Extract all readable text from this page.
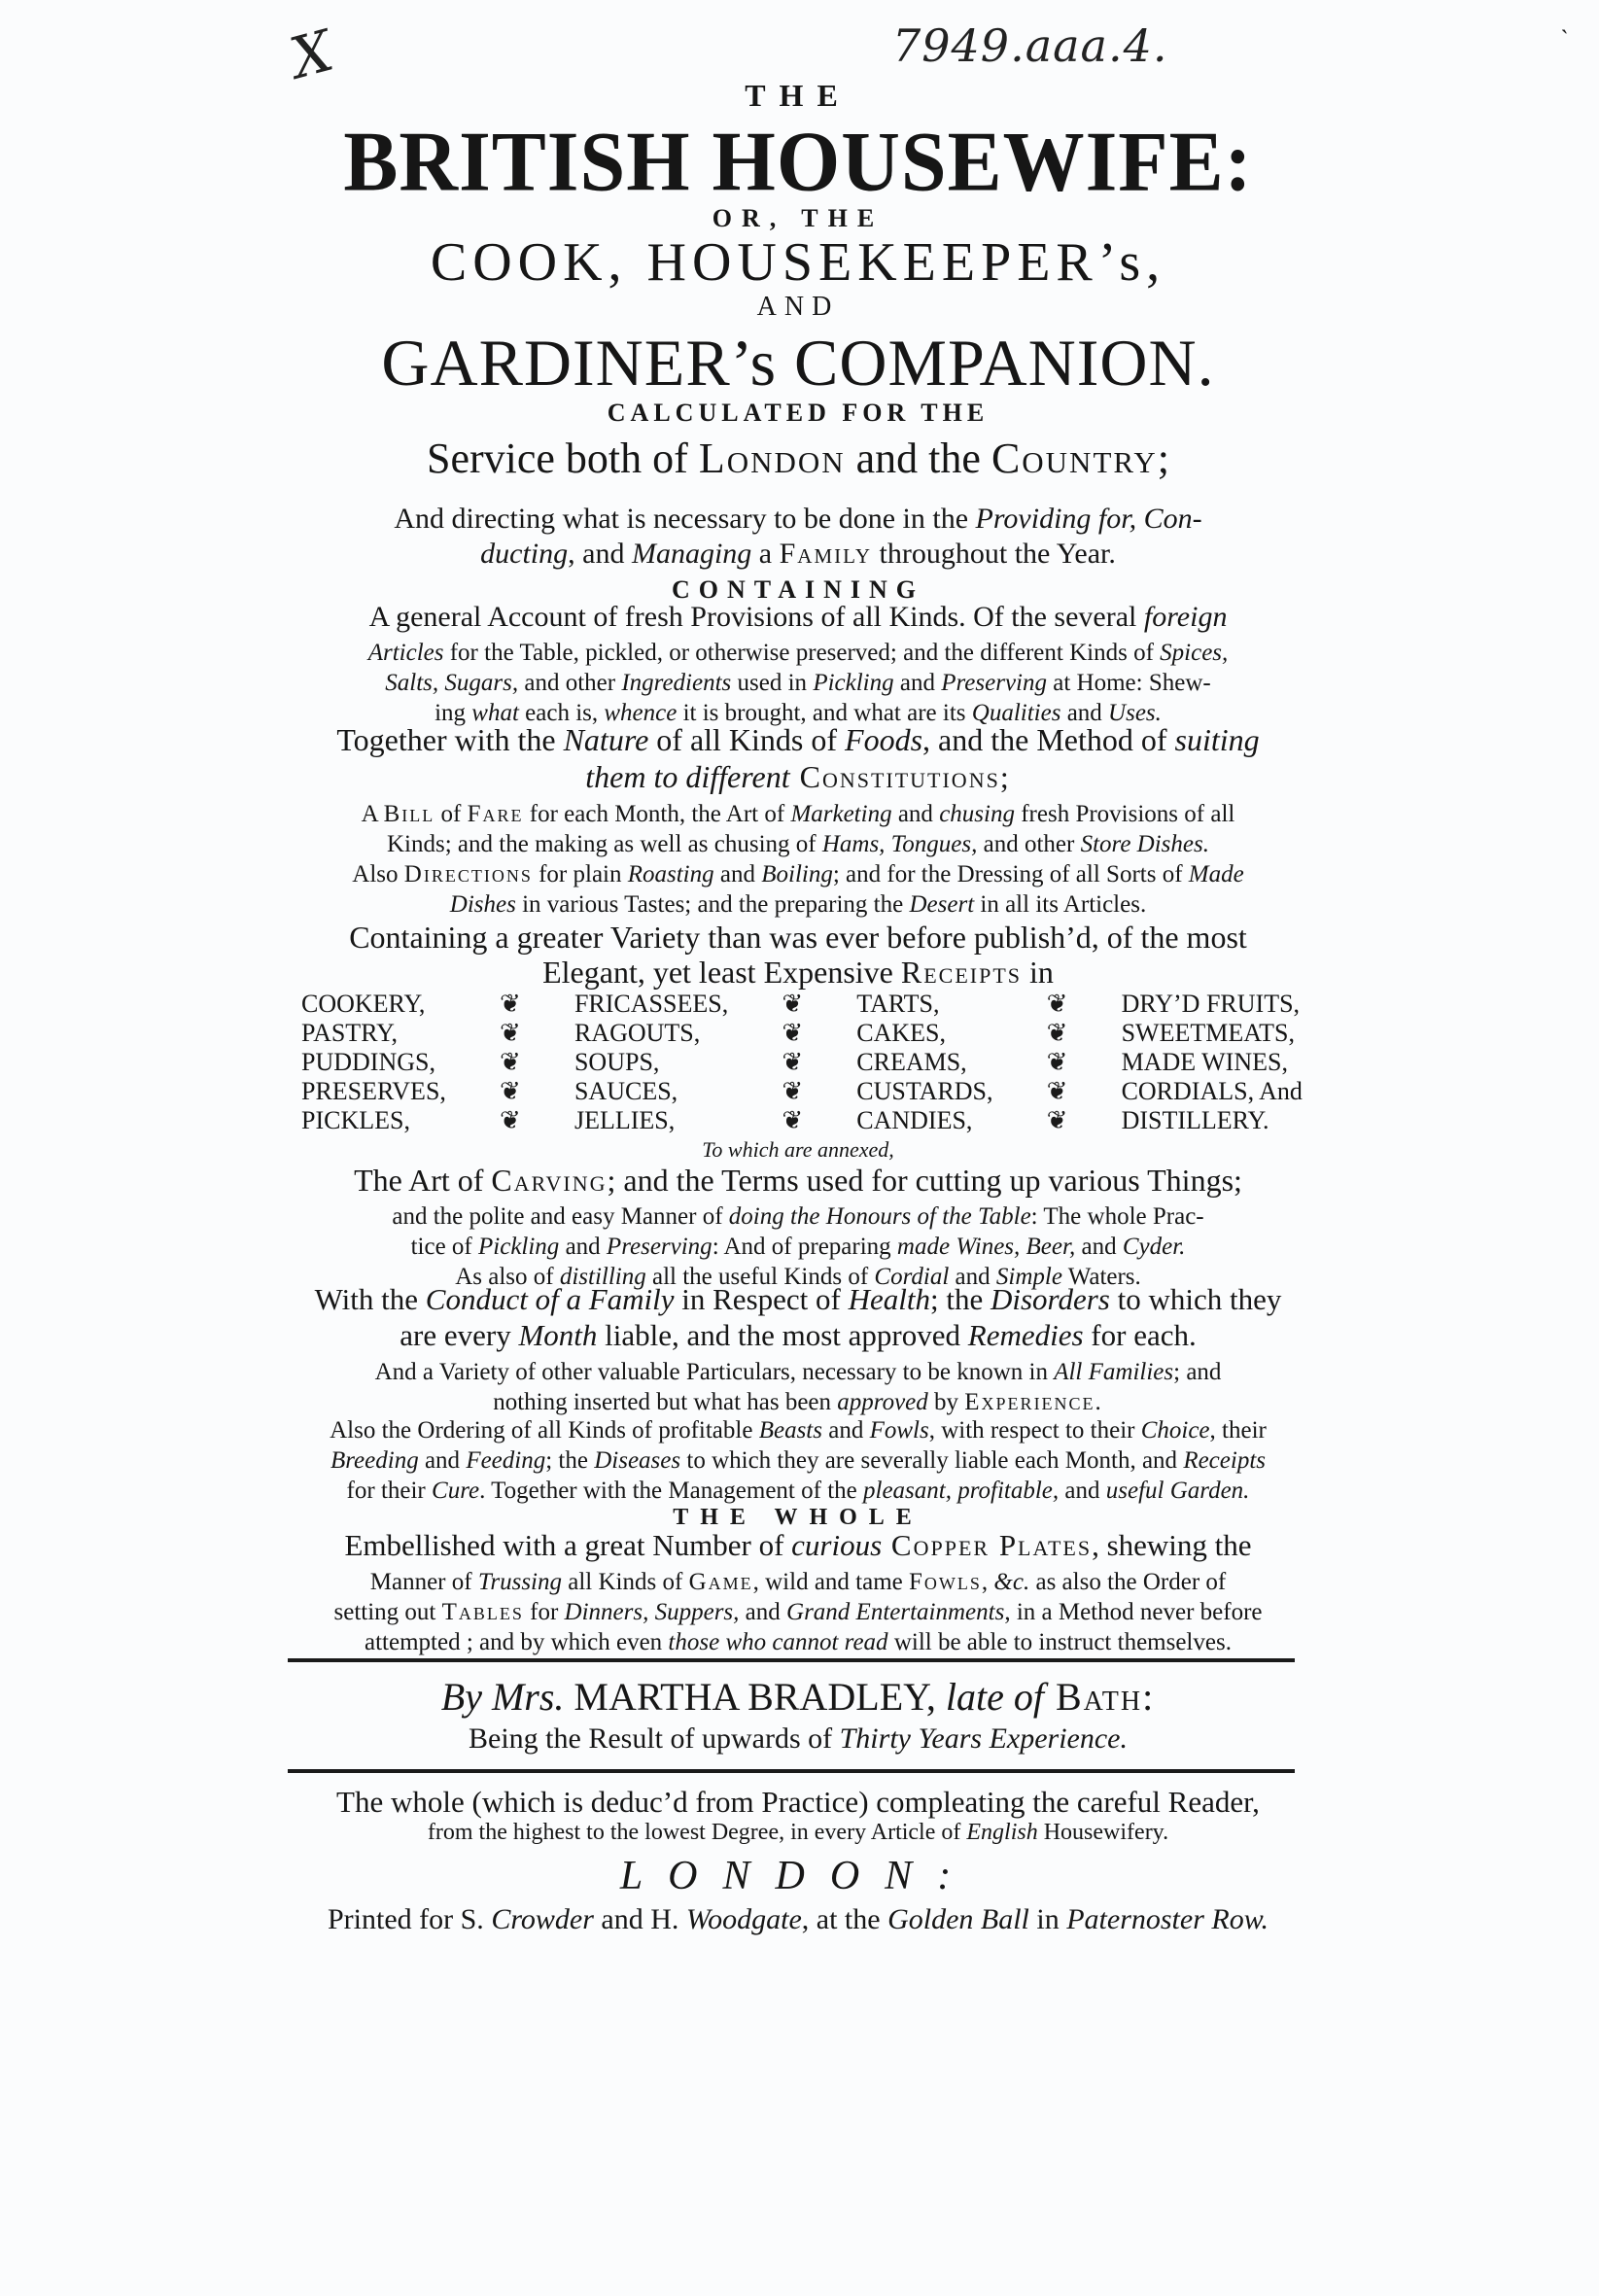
X	7949.aaa.4.	ˎ
THE
BRITISH HOUSEWIFE:
OR, THE
COOK, HOUSEKEEPER’s,
AND
GARDINER’s COMPANION.
CALCULATED FOR THE
Service both of London and the Country;
And directing what is necessary to be done in the Providing for, Con-
ducting, and Managing a Family throughout the Year.
CONTAINING
A general Account of fresh Provisions of all Kinds. Of the several foreign
Articles for the Table, pickled, or otherwise preserved; and the different Kinds of Spices,
Salts, Sugars, and other Ingredients used in Pickling and Preserving at Home: Shew-
ing what each is, whence it is brought, and what are its Qualities and Uses.
Together with the Nature of all Kinds of Foods, and the Method of suiting
them to different Constitutions;
A Bill of Fare for each Month, the Art of Marketing and chusing fresh Provisions of all
Kinds; and the making as well as chusing of Hams, Tongues, and other Store Dishes.
Also Directions for plain Roasting and Boiling; and for the Dressing of all Sorts of Made
Dishes in various Tastes; and the preparing the Desert in all its Articles.
Containing a greater Variety than was ever before publish’d, of the most
Elegant, yet least Expensive Receipts in
COOKERY,
PASTRY,
PUDDINGS,
PRESERVES,
PICKLES,
❦
❦
❦
❦
❦
FRICASSEES,
RAGOUTS,
SOUPS,
SAUCES,
JELLIES,
❦
❦
❦
❦
❦
TARTS,
CAKES,
CREAMS,
CUSTARDS,
CANDIES,
❦
❦
❦
❦
❦
DRY’D FRUITS,
SWEETMEATS,
MADE WINES,
CORDIALS, And
DISTILLERY.
To which are annexed,
The Art of Carving; and the Terms used for cutting up various Things;
and the polite and easy Manner of doing the Honours of the Table: The whole Prac-
tice of Pickling and Preserving: And of preparing made Wines, Beer, and Cyder.
As also of distilling all the useful Kinds of Cordial and Simple Waters.
With the Conduct of a Family in Respect of Health; the Disorders to which they
are every Month liable, and the most approved Remedies for each.
And a Variety of other valuable Particulars, necessary to be known in All Families; and
nothing inserted but what has been approved by Experience.
Also the Ordering of all Kinds of profitable Beasts and Fowls, with respect to their Choice, their
Breeding and Feeding; the Diseases to which they are severally liable each Month, and Receipts
for their Cure. Together with the Management of the pleasant, profitable, and useful Garden.
THE WHOLE
Embellished with a great Number of curious Copper Plates, shewing the
Manner of Trussing all Kinds of Game, wild and tame Fowls, &c. as also the Order of
setting out Tables for Dinners, Suppers, and Grand Entertainments, in a Method never before
attempted ; and by which even those who cannot read will be able to instruct themselves.
By Mrs. MARTHA BRADLEY, late of Bath:
Being the Result of upwards of Thirty Years Experience.
The whole (which is deduc’d from Practice) compleating the careful Reader,
from the highest to the lowest Degree, in every Article of English Housewifery.
LONDON:
Printed for S. Crowder and H. Woodgate, at the Golden Ball in Paternoster Row.
